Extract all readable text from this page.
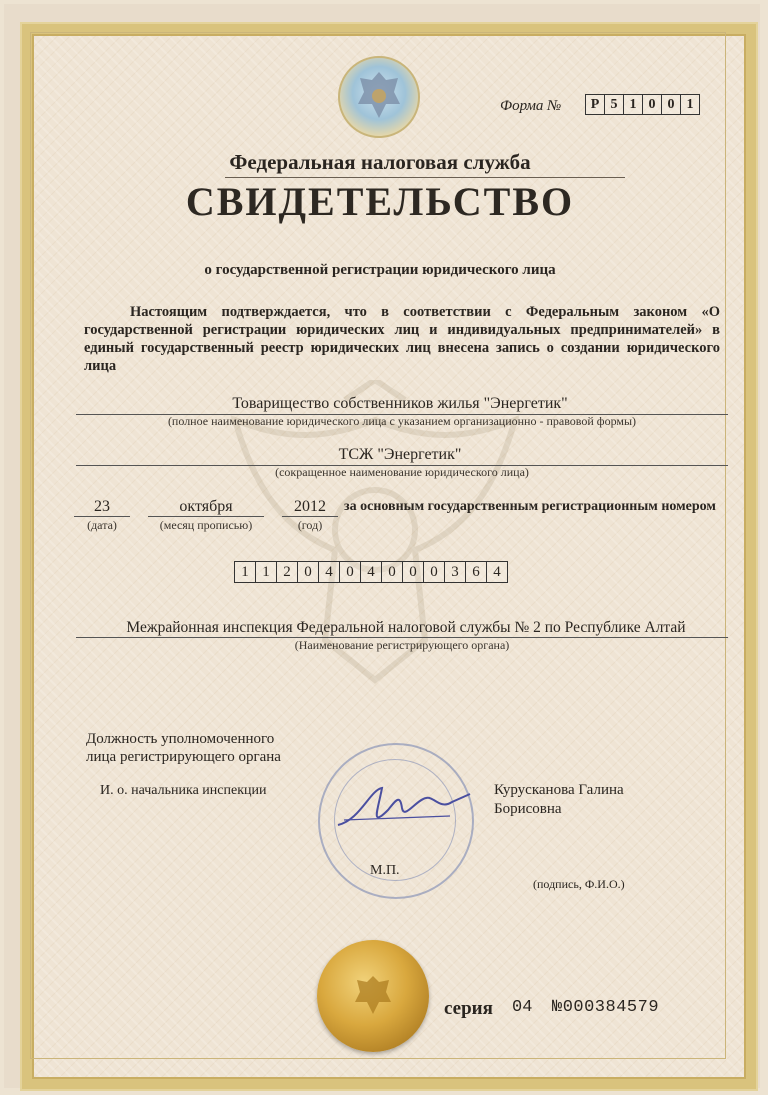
Форма №	Р 5 1 0 0 1
Федеральная налоговая служба
СВИДЕТЕЛЬСТВО
о государственной регистрации юридического лица
Настоящим подтверждается, что в соответствии с Федеральным законом «О государственной регистрации юридических лиц и индивидуальных предпринимателей» в единый государственный реестр юридических лиц внесена запись о создании юридического лица
Товарищество собственников жилья "Энергетик"
(полное наименование юридического лица с указанием организационно - правовой формы)
ТСЖ "Энергетик"
(сокращенное наименование юридического лица)
23
(дата)
октября
(месяц прописью)
2012
(год)
за основным государственным регистрационным номером
1 1 2 0 4 0 4 0 0 0 3 6 4
Межрайонная инспекция Федеральной налоговой службы № 2 по Республике Алтай
(Наименование регистрирующего органа)
Должность уполномоченного
лица регистрирующего органа
И. о. начальника инспекции	Курусканова Галина
Борисовна
М.П.
(подпись, Ф.И.О.)
серия 04 №000384579
